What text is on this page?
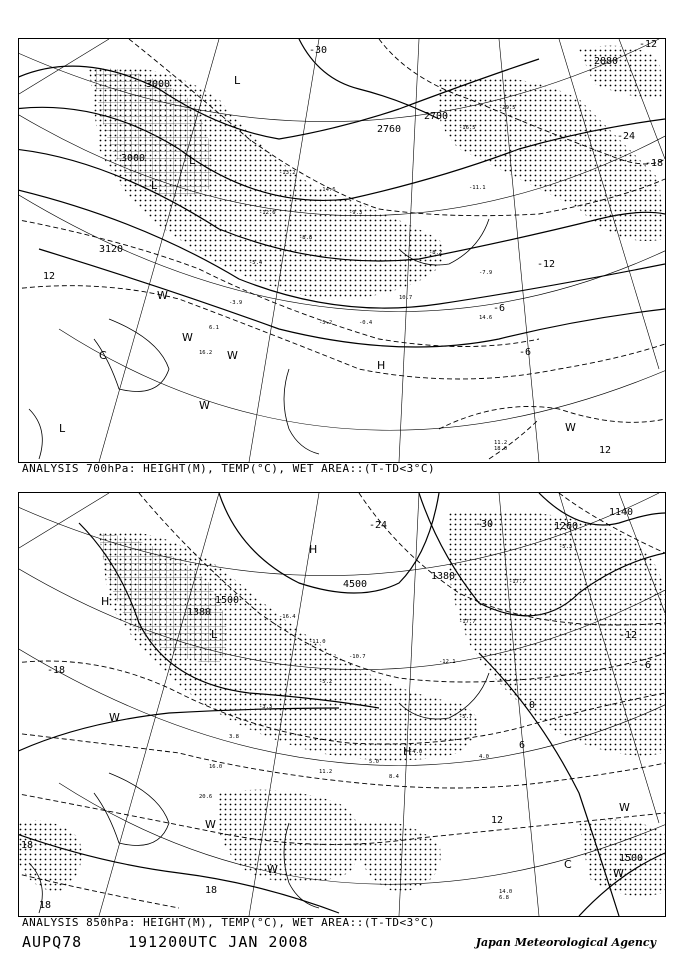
-13.2
-14.6
-9.3
-8.8
-5.4
-3.9
6.1
16.2
-5.2	-0.4
10.7
-8.2
-11.1
-7.9
14.6
11.2
18.0
-16.5
-29.5
-12.6
3000
3000
3120
2760
2700
2880
-30
-24
-18
-12
-12
-6
-6
12
12
L
L
L
L
C
H
W
W
W
W
W
ANALYSIS 700hPa: HEIGHT(M), TEMP(°C), WET AREA::(T-TD<3°C)
-16.4
-11.0
-10.7
-5.2
-3.3
3.8
16.0
20.6
11.2
5.0
8.4
-4.0
-5.7
4.0
14.0
6.8
-17.7
-17.7
-5.3
-12.1
1500
1380
1380
1500
4500
1260
1140
-30
-24
-18
-12
-6
0
6
12
18
18
18
H
H
L
H
W
W
W
W
C
W
ANALYSIS 850hPa: HEIGHT(M), TEMP(°C), WET AREA::(T-TD<3°C)
AUPQ78	191200UTC JAN 2008	Japan Meteorological Agency
